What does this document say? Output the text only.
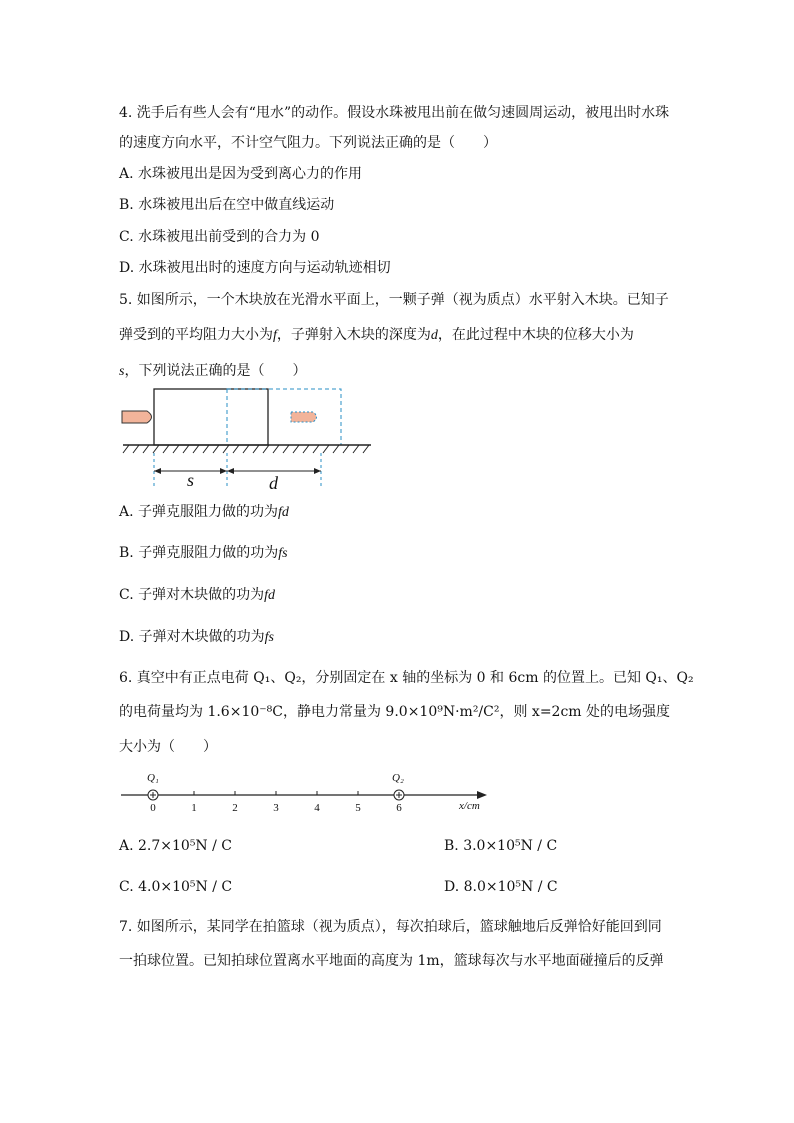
4. 洗手后有些人会有“甩水”的动作。假设水珠被甩出前在做匀速圆周运动，被甩出时水珠
的速度方向水平，不计空气阻力。下列说法正确的是（　　）
A. 水珠被甩出是因为受到离心力的作用
B. 水珠被甩出后在空中做直线运动
C. 水珠被甩出前受到的合力为 0
D. 水珠被甩出时的速度方向与运动轨迹相切
5. 如图所示，一个木块放在光滑水平面上，一颗子弹（视为质点）水平射入木块。已知子
弹受到的平均阻力大小为f，子弹射入木块的深度为d，在此过程中木块的位移大小为
s，下列说法正确的是（　　）
s	d
A. 子弹克服阻力做的功为fd
B. 子弹克服阻力做的功为fs
C. 子弹对木块做的功为fd
D. 子弹对木块做的功为fs
6. 真空中有正点电荷 Q₁、Q₂，分别固定在 x 轴的坐标为 0 和 6cm 的位置上。已知 Q₁、Q₂
的电荷量均为 1.6×10⁻⁸C，静电力常量为 9.0×10⁹N·m²/C²，则 x=2cm 处的电场强度
大小为（　　）
Q₁	Q₂
0	1	2	3	4	5	6	x/cm
A. 2.7×10⁵N / C	B. 3.0×10⁵N / C
C. 4.0×10⁵N / C	D. 8.0×10⁵N / C
7. 如图所示，某同学在拍篮球（视为质点），每次拍球后，篮球触地后反弹恰好能回到同
一拍球位置。已知拍球位置离水平地面的高度为 1m，篮球每次与水平地面碰撞后的反弹
